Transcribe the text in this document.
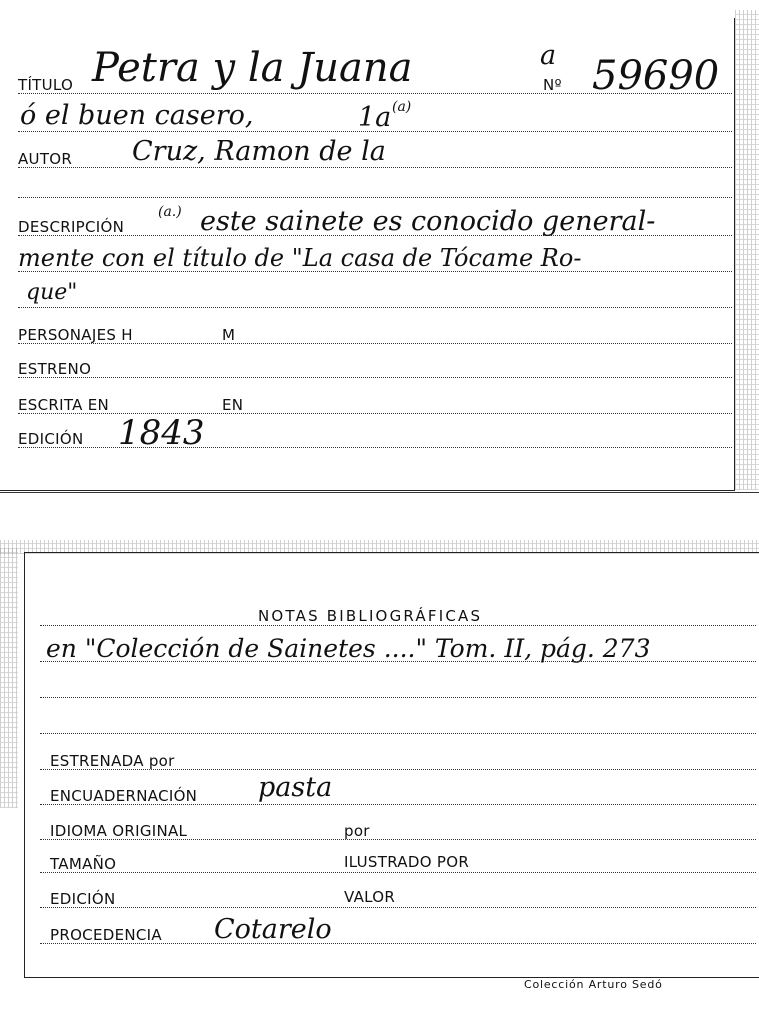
TÍTULO Petra y la Juana	a
Nº 59690
ó el buen casero,	1a (a)
AUTOR Cruz, Ramon de la
DESCRIPCIÓN
(a.) este sainete es conocido general-
mente con el título de "La casa de Tócame Ro-
que"
PERSONAJES H	M
ESTRENO
ESCRITA EN	EN
EDICIÓN 1843
NOTAS BIBLIOGRÁFICAS
en "Colección de Sainetes ...." Tom. II, pág. 273
ESTRENADA por
ENCUADERNACIÓN pasta
IDIOMA ORIGINAL	por
TAMAÑO	ILUSTRADO POR
EDICIÓN	VALOR
PROCEDENCIA Cotarelo
Colección Arturo Sedó
